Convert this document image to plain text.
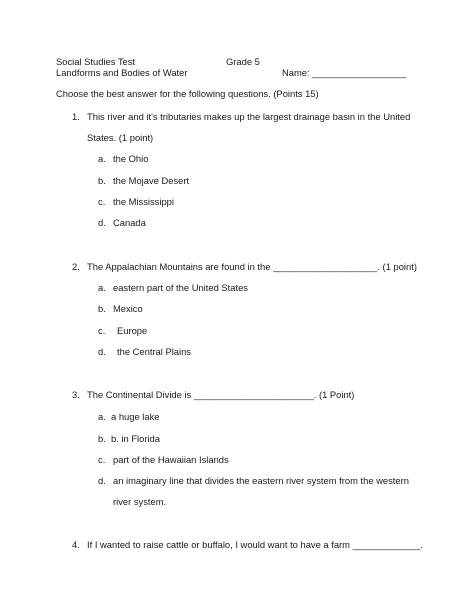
Social Studies Test	Grade 5
Landforms and Bodies of Water	Name: __________________
Choose the best answer for the following questions. (Points 15)
1. This river and it's tributaries makes up the largest drainage basin in the United
States. (1 point)
a. the Ohio
b. the Mojave Desert
c. the Mississippi
d. Canada
2. The Appalachian Mountains are found in the ____________________. (1 point)
a. eastern part of the United States
b. Mexico
c. Europe
d. the Central Plains
3. The Continental Divide is _______________________. (1 Point)
a. a huge lake
b. b. in Florida
c. part of the Hawaiian Islands
d. an imaginary line that divides the eastern river system from the western
river system.
4. If I wanted to raise cattle or buffalo, I would want to have a farm _____________.
